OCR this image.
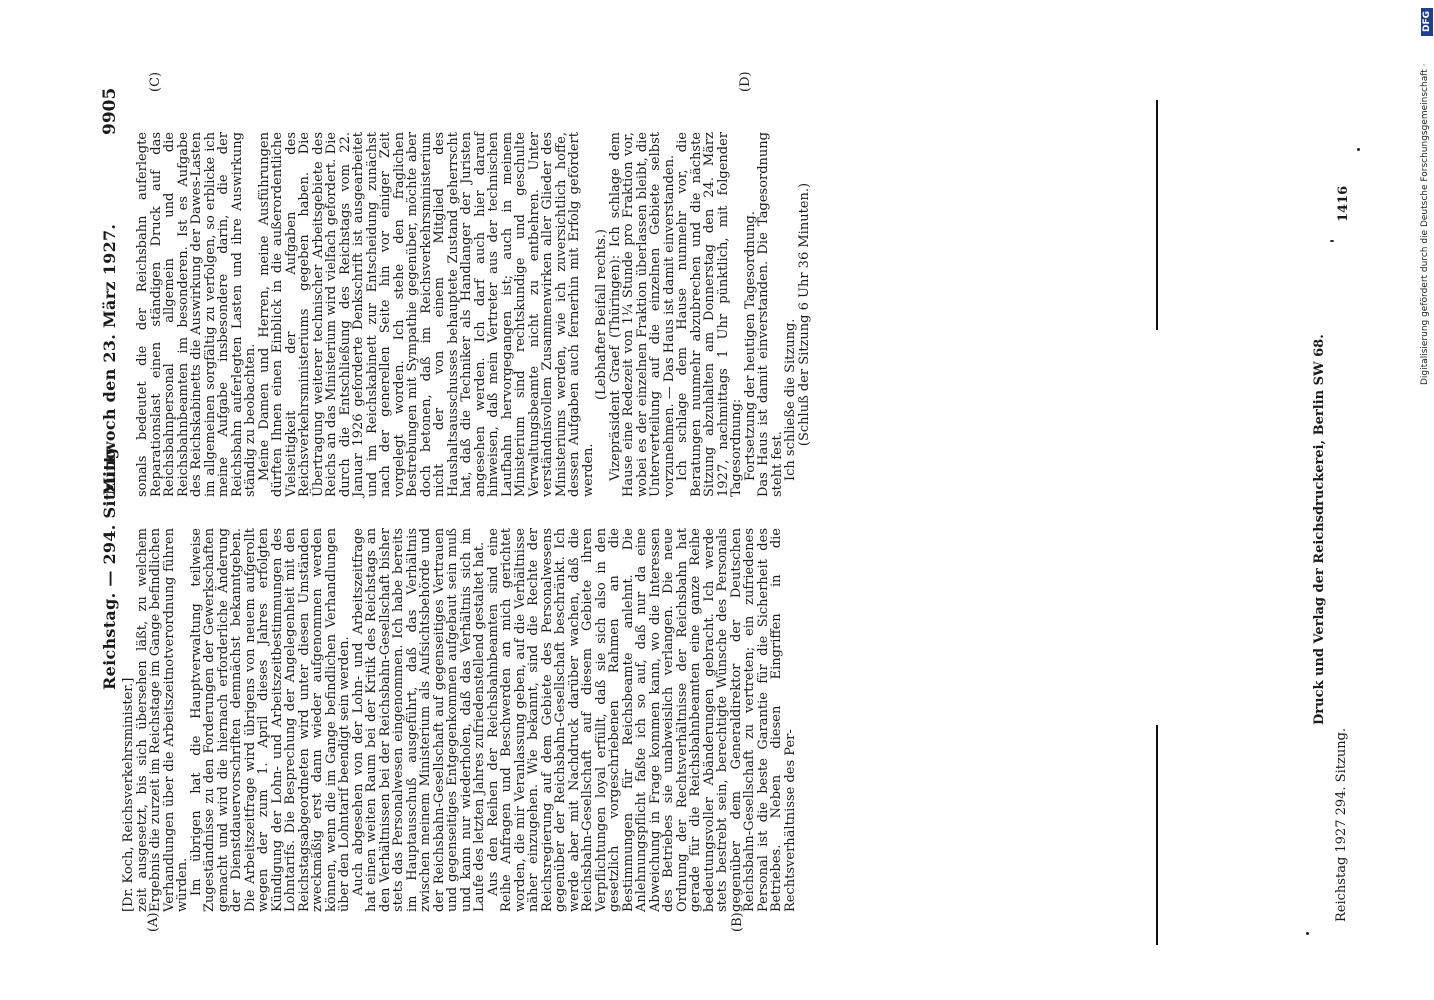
Reichstag. — 294. Sitzung.
Mittwoch den 23. März 1927.
9905
(A)	(B)
(C)	(D)

[Dr. Koch, Reichsverkehrsminister.]

zeit ausgesetzt, bis sich übersehen läßt, zu welchem Ergebnis die zurzeit im Reichstage im Gange befindlichen Verhandlungen über die Arbeitszeitnotverordnung führen würden.

Im übrigen hat die Hauptverwaltung teilweise Zugeständnisse zu den Forderungen der Gewerkschaften gemacht und wird die hiernach erforderliche Änderung der Dienstdauervorschriften demnächst bekanntgeben. Die Arbeitszeitfrage wird übrigens von neuem aufgerollt wegen der zum 1. April dieses Jahres erfolgten Kündigung der Lohn- und Arbeitszeitbestimmungen des Lohntarifs. Die Besprechung der Angelegenheit mit den Reichstagsabgeordneten wird unter diesen Umständen zweckmäßig erst dann wieder aufgenommen werden können, wenn die im Gange befindlichen Verhandlungen über den Lohntarif beendigt sein werden.

Auch abgesehen von der Lohn- und Arbeitszeitfrage hat einen weiten Raum bei der Kritik des Reichstags an den Verhältnissen bei der Reichsbahn-Gesellschaft bisher stets das Personalwesen eingenommen. Ich habe bereits im Hauptausschuß ausgeführt, daß das Verhältnis zwischen meinem Ministerium als Aufsichtsbehörde und der Reichsbahn-Gesellschaft auf gegenseitiges Vertrauen und gegenseitiges Entgegenkommen aufgebaut sein muß und kann nur wiederholen, daß das Verhältnis sich im Laufe des letzten Jahres zufriedenstellend gestaltet hat.

Aus den Reihen der Reichsbahnbeamten sind eine Reihe Anfragen und Beschwerden an mich gerichtet worden, die mir Veranlassung geben, auf die Verhältnisse näher einzugehen. Wie bekannt, sind die Rechte der Reichsregierung auf dem Gebiete des Personalwesens gegenüber der Reichsbahn-Gesellschaft beschränkt. Ich werde aber mit Nachdruck darüber wachen, daß die Reichsbahn-Gesellschaft auf diesem Gebiete ihren Verpflichtungen loyal erfüllt, daß sie sich also in den gesetzlich vorgeschriebenen Rahmen an die Bestimmungen für Reichsbeamte anlehnt. Die Anlehnungspflicht faßte ich so auf, daß nur da eine Abweichung in Frage kommen kann, wo die Interessen des Betriebes sie unabweislich verlangen. Die neue Ordnung der Rechtsverhältnisse der Reichsbahn hat gerade für die Reichsbahnbeamten eine ganze Reihe bedeutungsvoller Abänderungen gebracht. Ich werde stets bestrebt sein, berechtigte Wünsche des Personals gegenüber dem Generaldirektor der Deutschen Reichsbahn-Gesellschaft zu vertreten; ein zufriedenes Personal ist die beste Garantie für die Sicherheit des Betriebes. Neben diesen Eingriffen in die Rechtsverhältnisse des Per-

sonals bedeutet die der Reichsbahn auferlegte Reparationslast einen ständigen Druck auf das Reichsbahnpersonal allgemein und die Reichsbahnbeamten im besonderen. Ist es Aufgabe des Reichskabinetts die Auswirkung der Dawes-Lasten im allgemeinen sorgfältig zu verfolgen, so erblicke ich meine Aufgabe insbesondere darin, die der Reichsbahn auferlegten Lasten und ihre Auswirkung ständig zu beobachten.

Meine Damen und Herren, meine Ausführungen dürften Ihnen einen Einblick in die außerordentliche Vielseitigkeit der Aufgaben des Reichsverkehrsministeriums gegeben haben. Die Übertragung weiterer technischer Arbeitsgebiete des Reichs an das Ministerium wird vielfach gefordert. Die durch die Entschließung des Reichstags vom 22. Januar 1926 geforderte Denkschrift ist ausgearbeitet und im Reichskabinett zur Entscheidung zunächst nach der generellen Seite hin vor einiger Zeit vorgelegt worden. Ich stehe den fraglichen Bestrebungen mit Sympathie gegenüber, möchte aber doch betonen, daß im Reichsverkehrsministerium nicht der von einem Mitglied des Haushaltsausschusses behauptete Zustand geherrscht hat, daß die Techniker als Handlanger der Juristen angesehen werden. Ich darf auch hier darauf hinweisen, daß mein Vertreter aus der technischen Laufbahn hervorgegangen ist; auch in meinem Ministerium sind rechtskundige und geschulte Verwaltungsbeamte nicht zu entbehren. Unter verständnisvollem Zusammenwirken aller Glieder des Ministeriums werden, wie ich zuversichtlich hoffe, dessen Aufgaben auch fernerhin mit Erfolg gefördert werden.

(Lebhafter Beifall rechts.)

Vizepräsident Graef (Thüringen): Ich schlage dem Hause eine Redezeit von 1¼ Stunde pro Fraktion vor, wobei es der einzelnen Fraktion überlassen bleibt, die Unterverteilung auf die einzelnen Gebiete selbst vorzunehmen. — Das Haus ist damit einverstanden.

Ich schlage dem Hause nunmehr vor, die Beratungen nunmehr abzubrechen und die nächste Sitzung abzuhalten am Donnerstag den 24. März 1927, nachmittags 1 Uhr pünktlich, mit folgender Tagesordnung:

Fortsetzung der heutigen Tagesordnung.

Das Haus ist damit einverstanden. Die Tagesordnung steht fest.

Ich schließe die Sitzung.

(Schluß der Sitzung 6 Uhr 36 Minuten.)

Reichstag 1927 294. Sitzung.
Druck und Verlag der Reichsdruckerei, Berlin SW 68.
1416	Digitalisierung gefördert durch die Deutsche Forschungsgemeinschaft ·
DFG
